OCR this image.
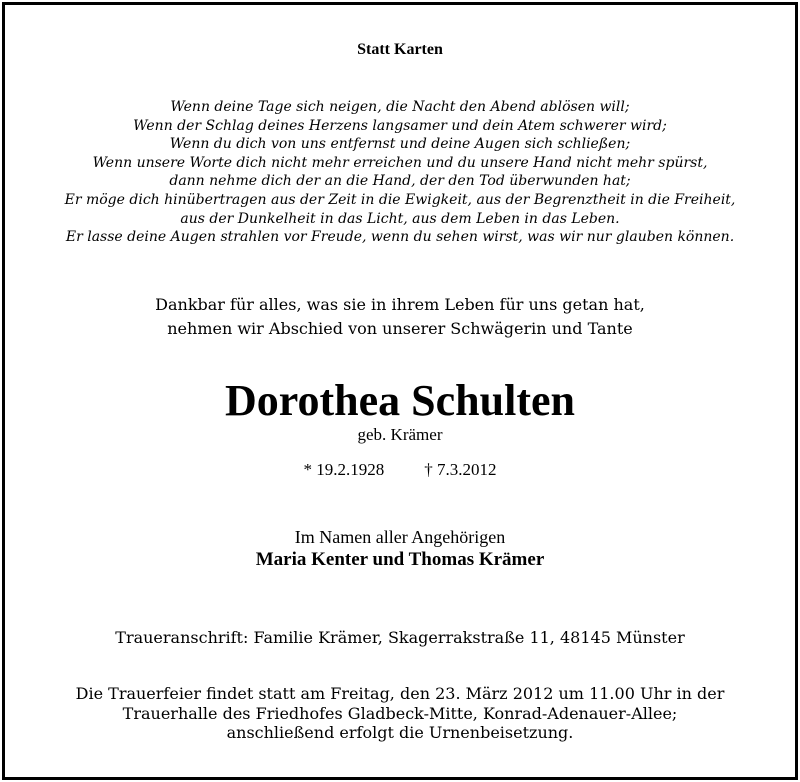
Statt Karten
Wenn deine Tage sich neigen, die Nacht den Abend ablösen will;
Wenn der Schlag deines Herzens langsamer und dein Atem schwerer wird;
Wenn du dich von uns entfernst und deine Augen sich schließen;
Wenn unsere Worte dich nicht mehr erreichen und du unsere Hand nicht mehr spürst,
dann nehme dich der an die Hand, der den Tod überwunden hat;
Er möge dich hinübertragen aus der Zeit in die Ewigkeit, aus der Begrenztheit in die Freiheit,
aus der Dunkelheit in das Licht, aus dem Leben in das Leben.
Er lasse deine Augen strahlen vor Freude, wenn du sehen wirst, was wir nur glauben können.
Dankbar für alles, was sie in ihrem Leben für uns getan hat,
nehmen wir Abschied von unserer Schwägerin und Tante
Dorothea Schulten
geb. Krämer
* 19.2.1928 † 7.3.2012
Im Namen aller Angehörigen
Maria Kenter und Thomas Krämer
Traueranschrift: Familie Krämer, Skagerrakstraße 11, 48145 Münster
Die Trauerfeier findet statt am Freitag, den 23. März 2012 um 11.00 Uhr in der
Trauerhalle des Friedhofes Gladbeck-Mitte, Konrad-Adenauer-Allee;
anschließend erfolgt die Urnenbeisetzung.
